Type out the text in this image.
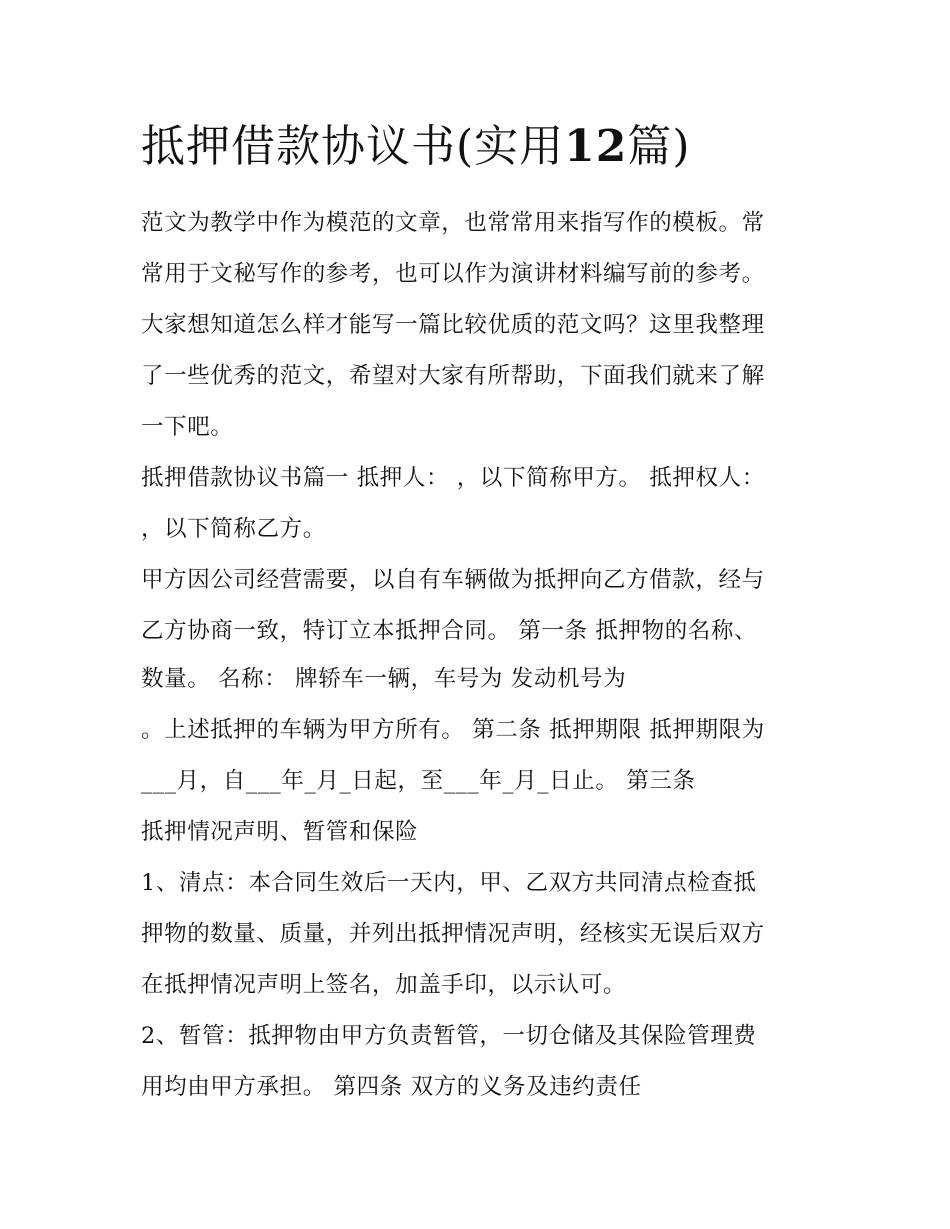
抵押借款协议书(实用12篇)
范文为教学中作为模范的文章，也常常用来指写作的模板。常
常用于文秘写作的参考，也可以作为演讲材料编写前的参考。
大家想知道怎么样才能写一篇比较优质的范文吗？这里我整理
了一些优秀的范文，希望对大家有所帮助，下面我们就来了解
一下吧。
抵押借款协议书篇一 抵押人： ，以下简称甲方。 抵押权人：
，以下简称乙方。
甲方因公司经营需要，以自有车辆做为抵押向乙方借款，经与
乙方协商一致，特订立本抵押合同。 第一条 抵押物的名称、
数量。 名称： 牌轿车一辆，车号为 发动机号为
。上述抵押的车辆为甲方所有。 第二条 抵押期限 抵押期限为
___月，自___年_月_日起，至___年_月_日止。 第三条
抵押情况声明、暂管和保险
1、清点：本合同生效后一天内，甲、乙双方共同清点检查抵
押物的数量、质量，并列出抵押情况声明，经核实无误后双方
在抵押情况声明上签名，加盖手印，以示认可。
2、暂管：抵押物由甲方负责暂管，一切仓储及其保险管理费
用均由甲方承担。 第四条 双方的义务及违约责任
